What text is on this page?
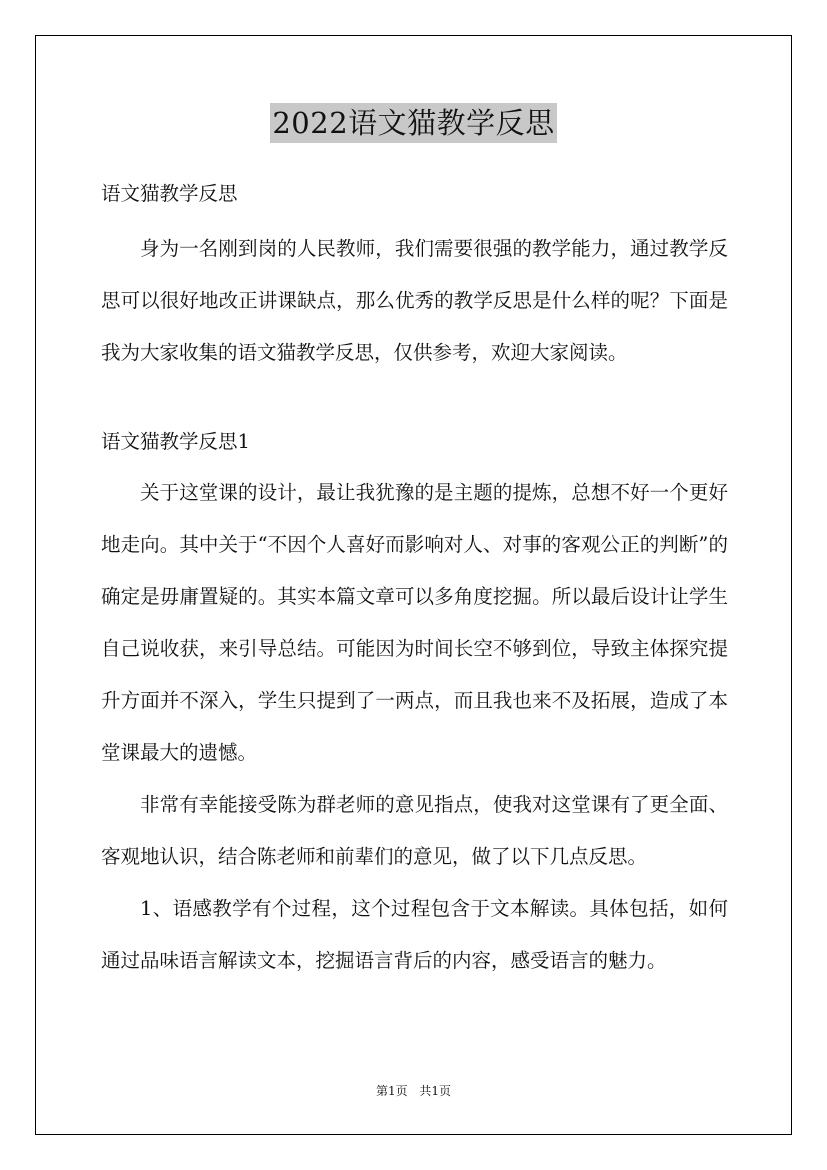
2022语文猫教学反思

语文猫教学反思

身为一名刚到岗的人民教师，我们需要很强的教学能力，通过教学反思可以很好地改正讲课缺点，那么优秀的教学反思是什么样的呢？下面是我为大家收集的语文猫教学反思，仅供参考，欢迎大家阅读。

语文猫教学反思1

关于这堂课的设计，最让我犹豫的是主题的提炼，总想不好一个更好地走向。其中关于“不因个人喜好而影响对人、对事的客观公正的判断”的确定是毋庸置疑的。其实本篇文章可以多角度挖掘。所以最后设计让学生自己说收获，来引导总结。可能因为时间长空不够到位，导致主体探究提升方面并不深入，学生只提到了一两点，而且我也来不及拓展，造成了本堂课最大的遗憾。

非常有幸能接受陈为群老师的意见指点，使我对这堂课有了更全面、客观地认识，结合陈老师和前辈们的意见，做了以下几点反思。

1、语感教学有个过程，这个过程包含于文本解读。具体包括，如何通过品味语言解读文本，挖掘语言背后的内容，感受语言的魅力。

第1页 共1页
